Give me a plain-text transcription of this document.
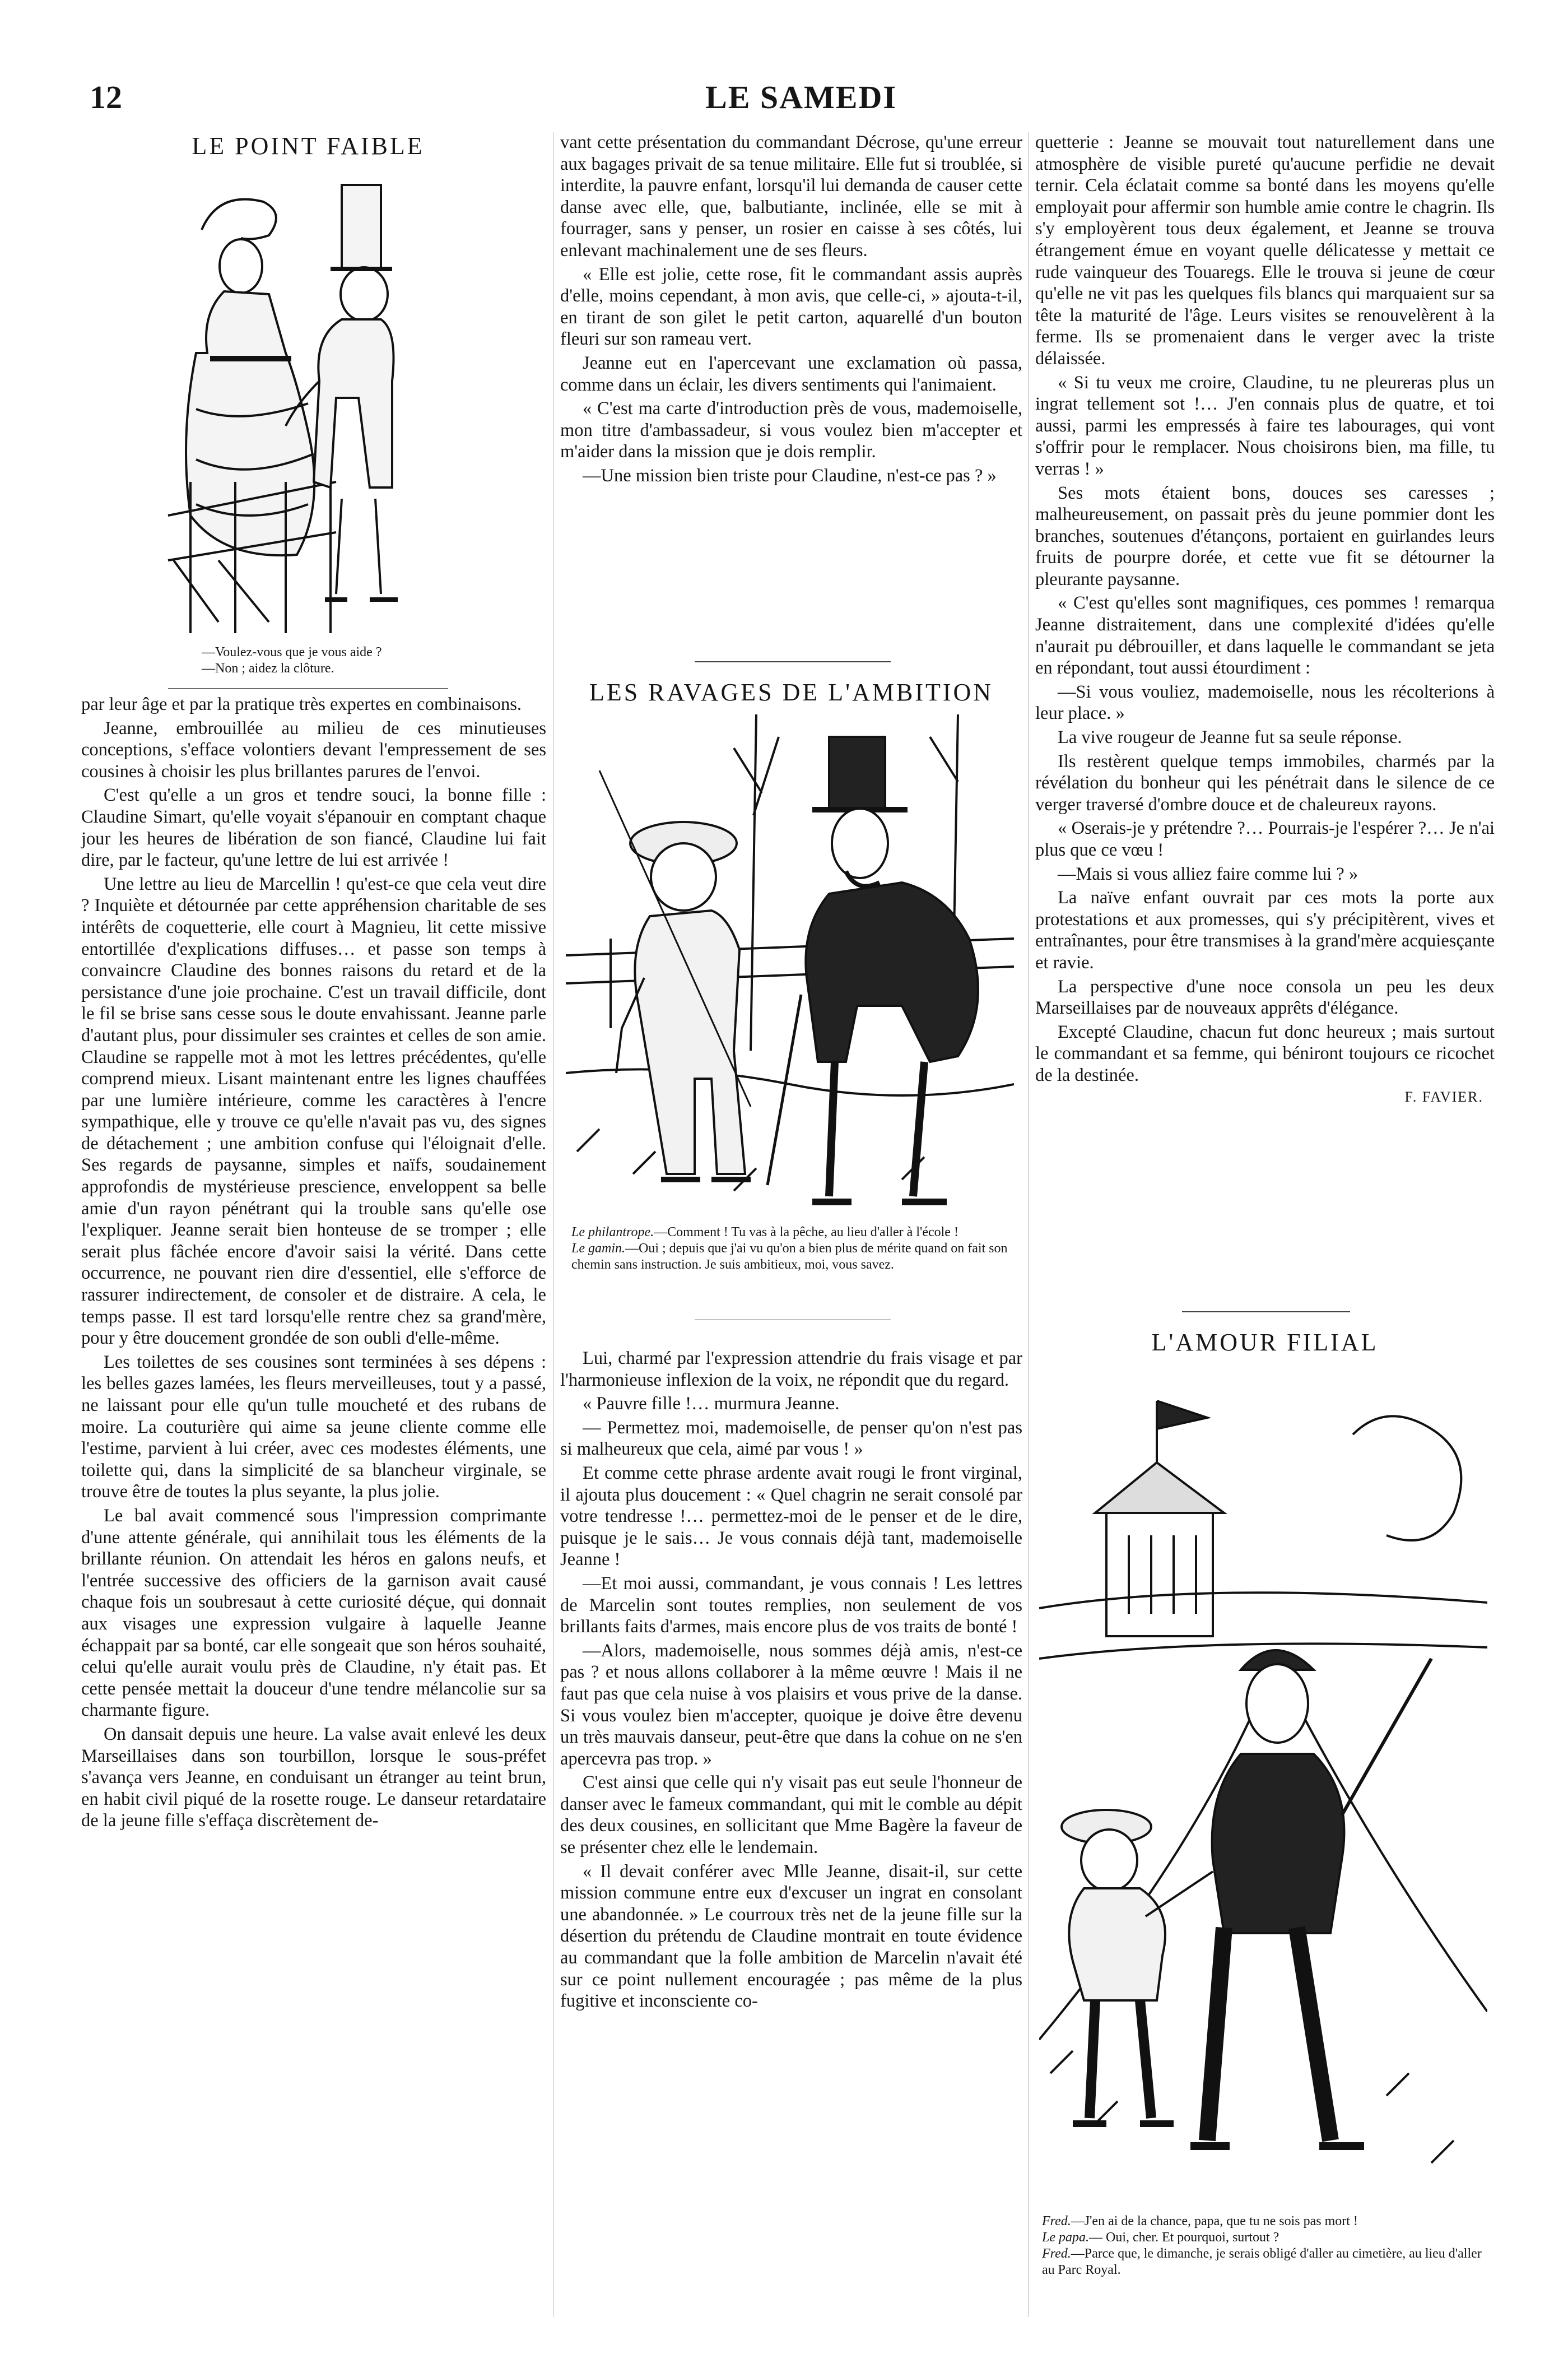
12	LE SAMEDI
LE POINT FAIBLE
—Voulez-vous que je vous aide ?
—Non ; aidez la clôture.

par leur âge et par la pratique très expertes en combinaisons.

Jeanne, embrouillée au milieu de ces minutieuses conceptions, s'efface volontiers devant l'empressement de ses cousines à choisir les plus brillantes parures de l'envoi.

C'est qu'elle a un gros et tendre souci, la bonne fille : Claudine Simart, qu'elle voyait s'épanouir en comptant chaque jour les heures de libération de son fiancé, Claudine lui fait dire, par le facteur, qu'une lettre de lui est arrivée !

Une lettre au lieu de Marcellin ! qu'est-ce que cela veut dire ? Inquiète et détournée par cette appréhension charitable de ses intérêts de coquetterie, elle court à Magnieu, lit cette missive entortillée d'explications diffuses… et passe son temps à convaincre Claudine des bonnes raisons du retard et de la persistance d'une joie prochaine. C'est un travail difficile, dont le fil se brise sans cesse sous le doute envahissant. Jeanne parle d'autant plus, pour dissimuler ses craintes et celles de son amie. Claudine se rappelle mot à mot les lettres précédentes, qu'elle comprend mieux. Lisant maintenant entre les lignes chauffées par une lumière intérieure, comme les caractères à l'encre sympathique, elle y trouve ce qu'elle n'avait pas vu, des signes de détachement ; une ambition confuse qui l'éloignait d'elle. Ses regards de paysanne, simples et naïfs, soudainement approfondis de mystérieuse prescience, enveloppent sa belle amie d'un rayon pénétrant qui la trouble sans qu'elle ose l'expliquer. Jeanne serait bien honteuse de se tromper ; elle serait plus fâchée encore d'avoir saisi la vérité. Dans cette occurrence, ne pouvant rien dire d'essentiel, elle s'efforce de rassurer indirectement, de consoler et de distraire. A cela, le temps passe. Il est tard lorsqu'elle rentre chez sa grand'mère, pour y être doucement grondée de son oubli d'elle-même.

Les toilettes de ses cousines sont terminées à ses dépens : les belles gazes lamées, les fleurs merveilleuses, tout y a passé, ne laissant pour elle qu'un tulle moucheté et des rubans de moire. La couturière qui aime sa jeune cliente comme elle l'estime, parvient à lui créer, avec ces modestes éléments, une toilette qui, dans la simplicité de sa blancheur virginale, se trouve être de toutes la plus seyante, la plus jolie.

Le bal avait commencé sous l'impression comprimante d'une attente générale, qui annihilait tous les éléments de la brillante réunion. On attendait les héros en galons neufs, et l'entrée successive des officiers de la garnison avait causé chaque fois un soubresaut à cette curiosité déçue, qui donnait aux visages une expression vulgaire à laquelle Jeanne échappait par sa bonté, car elle songeait que son héros souhaité, celui qu'elle aurait voulu près de Claudine, n'y était pas. Et cette pensée mettait la douceur d'une tendre mélancolie sur sa charmante figure.

On dansait depuis une heure. La valse avait enlevé les deux Marseillaises dans son tourbillon, lorsque le sous-préfet s'avança vers Jeanne, en conduisant un étranger au teint brun, en habit civil piqué de la rosette rouge. Le danseur retardataire de la jeune fille s'effaça discrètement de-

vant cette présentation du commandant Décrose, qu'une erreur aux bagages privait de sa tenue militaire. Elle fut si troublée, si interdite, la pauvre enfant, lorsqu'il lui demanda de causer cette danse avec elle, que, balbutiante, inclinée, elle se mit à fourrager, sans y penser, un rosier en caisse à ses côtés, lui enlevant machinalement une de ses fleurs.

« Elle est jolie, cette rose, fit le commandant assis auprès d'elle, moins cependant, à mon avis, que celle-ci, » ajouta-t-il, en tirant de son gilet le petit carton, aquarellé d'un bouton fleuri sur son rameau vert.

Jeanne eut en l'apercevant une exclamation où passa, comme dans un éclair, les divers sentiments qui l'animaient.

« C'est ma carte d'introduction près de vous, mademoiselle, mon titre d'ambassadeur, si vous voulez bien m'accepter et m'aider dans la mission que je dois remplir.

—Une mission bien triste pour Claudine, n'est-ce pas ? »

LES RAVAGES DE L'AMBITION
Le philantrope.—Comment ! Tu vas à la pêche, au lieu d'aller à l'école !
Le gamin.—Oui ; depuis que j'ai vu qu'on a bien plus de mérite quand on fait son chemin sans instruction. Je suis ambitieux, moi, vous savez.

Lui, charmé par l'expression attendrie du frais visage et par l'harmonieuse inflexion de la voix, ne répondit que du regard.

« Pauvre fille !… murmura Jeanne.

— Permettez moi, mademoiselle, de penser qu'on n'est pas si malheureux que cela, aimé par vous ! »

Et comme cette phrase ardente avait rougi le front virginal, il ajouta plus doucement : « Quel chagrin ne serait consolé par votre tendresse !… permettez-moi de le penser et de le dire, puisque je le sais… Je vous connais déjà tant, mademoiselle Jeanne !

—Et moi aussi, commandant, je vous connais ! Les lettres de Marcelin sont toutes remplies, non seulement de vos brillants faits d'armes, mais encore plus de vos traits de bonté !

—Alors, mademoiselle, nous sommes déjà amis, n'est-ce pas ? et nous allons collaborer à la même œuvre ! Mais il ne faut pas que cela nuise à vos plaisirs et vous prive de la danse. Si vous voulez bien m'accepter, quoique je doive être devenu un très mauvais danseur, peut-être que dans la cohue on ne s'en apercevra pas trop. »

C'est ainsi que celle qui n'y visait pas eut seule l'honneur de danser avec le fameux commandant, qui mit le comble au dépit des deux cousines, en sollicitant que Mme Bagère la faveur de se présenter chez elle le lendemain.

« Il devait conférer avec Mlle Jeanne, disait-il, sur cette mission commune entre eux d'excuser un ingrat en consolant une abandonnée. » Le courroux très net de la jeune fille sur la désertion du prétendu de Claudine montrait en toute évidence au commandant que la folle ambition de Marcelin n'avait été sur ce point nullement encouragée ; pas même de la plus fugitive et inconsciente co-

quetterie : Jeanne se mouvait tout naturellement dans une atmosphère de visible pureté qu'aucune perfidie ne devait ternir. Cela éclatait comme sa bonté dans les moyens qu'elle employait pour affermir son humble amie contre le chagrin. Ils s'y employèrent tous deux également, et Jeanne se trouva étrangement émue en voyant quelle délicatesse y mettait ce rude vainqueur des Touaregs. Elle le trouva si jeune de cœur qu'elle ne vit pas les quelques fils blancs qui marquaient sur sa tête la maturité de l'âge. Leurs visites se renouvelèrent à la ferme. Ils se promenaient dans le verger avec la triste délaissée.

« Si tu veux me croire, Claudine, tu ne pleureras plus un ingrat tellement sot !… J'en connais plus de quatre, et toi aussi, parmi les empressés à faire tes labourages, qui vont s'offrir pour le remplacer. Nous choisirons bien, ma fille, tu verras ! »

Ses mots étaient bons, douces ses caresses ; malheureusement, on passait près du jeune pommier dont les branches, soutenues d'étançons, portaient en guirlandes leurs fruits de pourpre dorée, et cette vue fit se détourner la pleurante paysanne.

« C'est qu'elles sont magnifiques, ces pommes ! remarqua Jeanne distraitement, dans une complexité d'idées qu'elle n'aurait pu débrouiller, et dans laquelle le commandant se jeta en répondant, tout aussi étourdiment :

—Si vous vouliez, mademoiselle, nous les récolterions à leur place. »

La vive rougeur de Jeanne fut sa seule réponse.

Ils restèrent quelque temps immobiles, charmés par la révélation du bonheur qui les pénétrait dans le silence de ce verger traversé d'ombre douce et de chaleureux rayons.

« Oserais-je y prétendre ?… Pourrais-je l'espérer ?… Je n'ai plus que ce vœu !

—Mais si vous alliez faire comme lui ? »

La naïve enfant ouvrait par ces mots la porte aux protestations et aux promesses, qui s'y précipitèrent, vives et entraînantes, pour être transmises à la grand'mère acquiesçante et ravie.

La perspective d'une noce consola un peu les deux Marseillaises par de nouveaux apprêts d'élégance.

Excepté Claudine, chacun fut donc heureux ; mais surtout le commandant et sa femme, qui béniront toujours ce ricochet de la destinée.

F. FAVIER.
L'AMOUR FILIAL
Fred.—J'en ai de la chance, papa, que tu ne sois pas mort !
Le papa.— Oui, cher. Et pourquoi, surtout ?
Fred.—Parce que, le dimanche, je serais obligé d'aller au cimetière, au lieu d'aller au Parc Royal.
